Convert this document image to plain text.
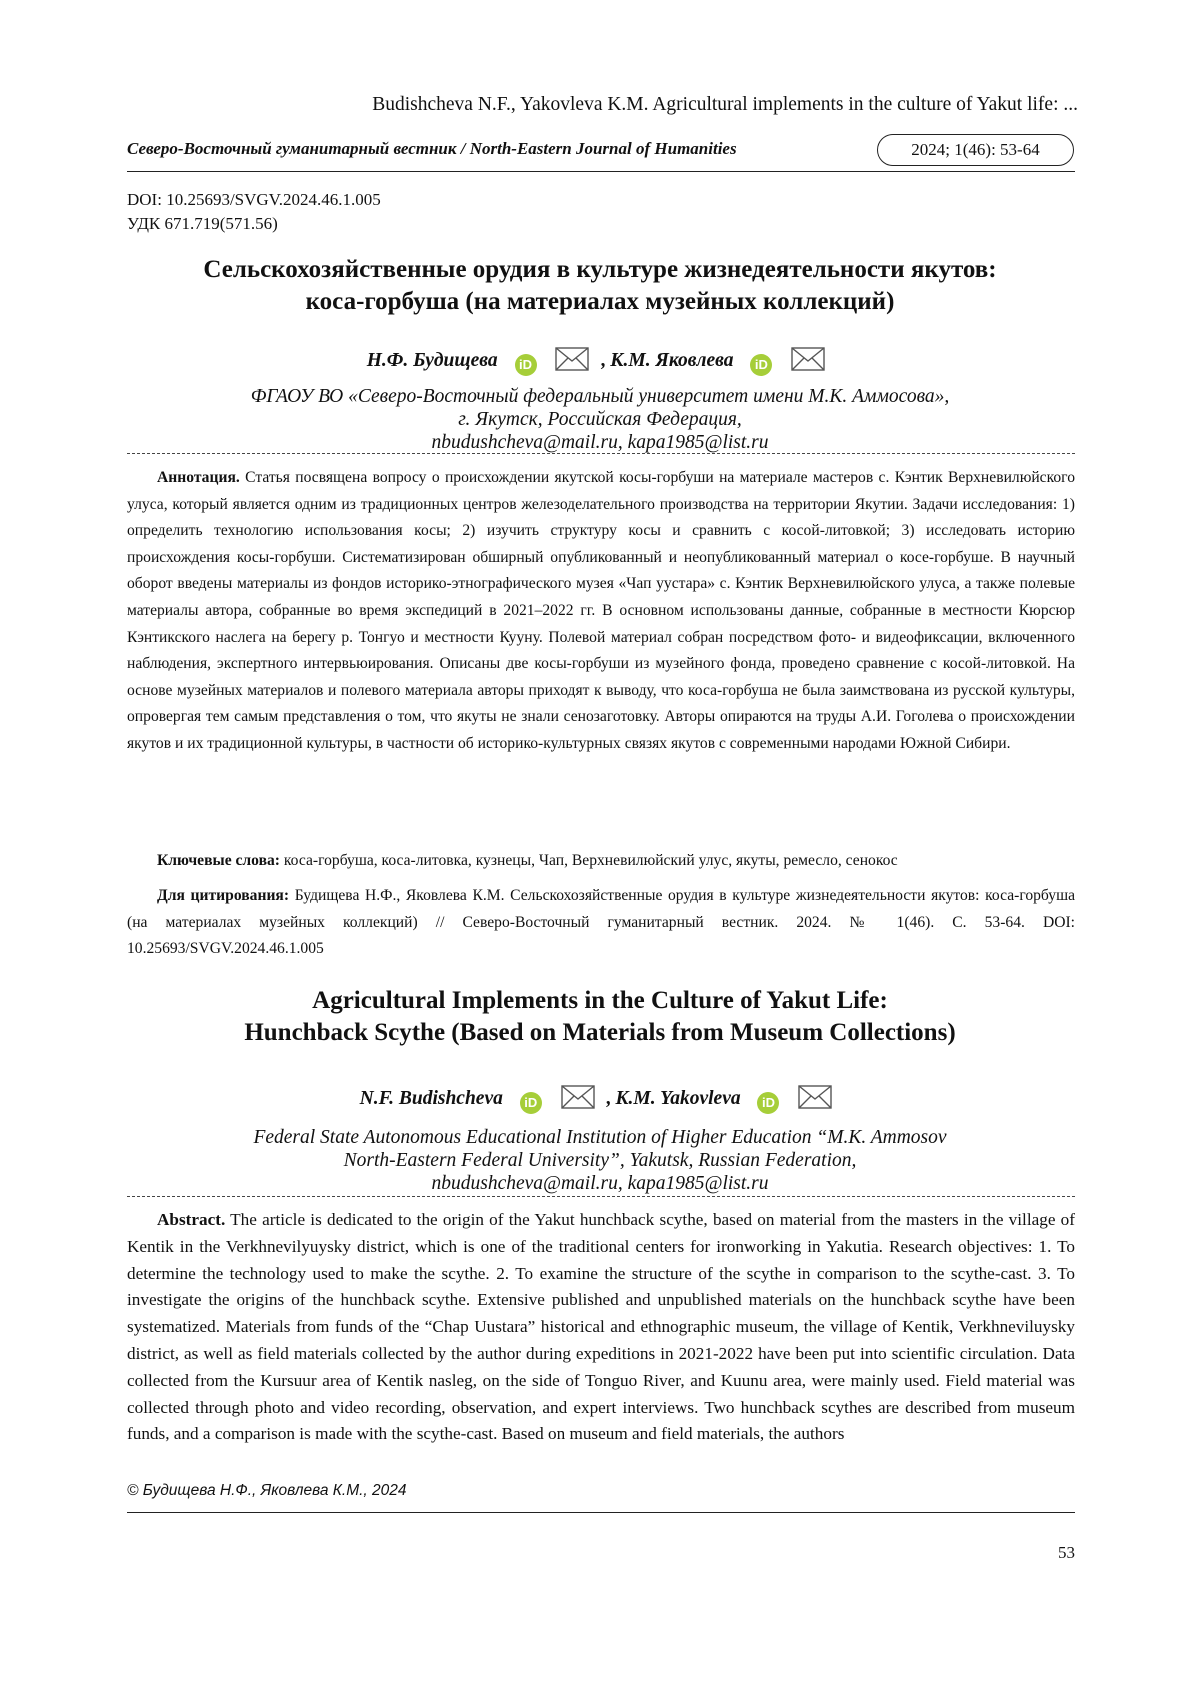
Budishcheva N.F., Yakovleva K.M. Agricultural implements in the culture of Yakut life: ...
Северо-Восточный гуманитарный вестник / North-Eastern Journal of Humanities	2024; 1(46): 53-64
DOI: 10.25693/SVGV.2024.46.1.005
УДК 671.719(571.56)
Сельскохозяйственные орудия в культуре жизнедеятельности якутов:
коса-горбуша (на материалах музейных коллекций)
Н.Ф. Будищева iD	, К.М. Яковлева iD
ФГАОУ ВО «Северо-Восточный федеральный университет имени М.К. Аммосова»,
г. Якутск, Российская Федерация,
nbudushcheva@mail.ru, kapa1985@list.ru
Аннотация. Статья посвящена вопросу о происхождении якутской косы-горбуши на материале мастеров с. Кэнтик Верхневилюйского улуса, который является одним из традиционных центров железоделательного производства на территории Якутии. Задачи исследования: 1) определить технологию использования косы; 2) изучить структуру косы и сравнить с косой-литовкой; 3) исследовать историю происхождения косы-горбуши. Систематизирован обширный опубликованный и неопубликованный материал о косе-горбуше. В научный оборот введены материалы из фондов историко-этнографического музея «Чап уустара» с. Кэнтик Верхневилюйского улуса, а также полевые материалы автора, собранные во время экспедиций в 2021–2022 гг. В основном использованы данные, собранные в местности Кюрсюр Кэнтикского наслега на берегу р. Тонгуо и местности Кууну. Полевой материал собран посредством фото- и видеофиксации, включенного наблюдения, экспертного интервьюирования. Описаны две косы-горбуши из музейного фонда, проведено сравнение с косой-литовкой. На основе музейных материалов и полевого материала авторы приходят к выводу, что коса-горбуша не была заимствована из русской культуры, опровергая тем самым представления о том, что якуты не знали сенозаготовку. Авторы опираются на труды А.И. Гоголева о происхождении якутов и их традиционной культуры, в частности об историко-культурных связях якутов с современными народами Южной Сибири.
Ключевые слова: коса-горбуша, коса-литовка, кузнецы, Чап, Верхневилюйский улус, якуты, ремесло, сенокос
Для цитирования: Будищева Н.Ф., Яковлева К.М. Сельскохозяйственные орудия в культуре жизнедеятельности якутов: коса-горбуша (на материалах музейных коллекций) // Северо-Восточный гуманитарный вестник. 2024. № 1(46). С. 53-64. DOI: 10.25693/SVGV.2024.46.1.005
Agricultural Implements in the Culture of Yakut Life:
Hunchback Scythe (Based on Materials from Museum Collections)
N.F. Budishcheva iD	, K.M. Yakovleva iD
Federal State Autonomous Educational Institution of Higher Education “M.K. Ammosov
North-Eastern Federal University”, Yakutsk, Russian Federation,
nbudushcheva@mail.ru, kapa1985@list.ru
Abstract. The article is dedicated to the origin of the Yakut hunchback scythe, based on material from the masters in the village of Kentik in the Verkhnevilyuysky district, which is one of the traditional centers for ironworking in Yakutia. Research objectives: 1. To determine the technology used to make the scythe. 2. To examine the structure of the scythe in comparison to the scythe-cast. 3. To investigate the origins of the hunchback scythe. Extensive published and unpublished materials on the hunchback scythe have been systematized. Materials from funds of the “Chap Uustara” historical and ethnographic museum, the village of Kentik, Verkhneviluysky district, as well as field materials collected by the author during expeditions in 2021-2022 have been put into scientific circulation. Data collected from the Kursuur area of Kentik nasleg, on the side of Tonguo River, and Kuunu area, were mainly used. Field material was collected through photo and video recording, observation, and expert interviews. Two hunchback scythes are described from museum funds, and a comparison is made with the scythe-cast. Based on museum and field materials, the authors
© Будищева Н.Ф., Яковлева К.М., 2024
53
